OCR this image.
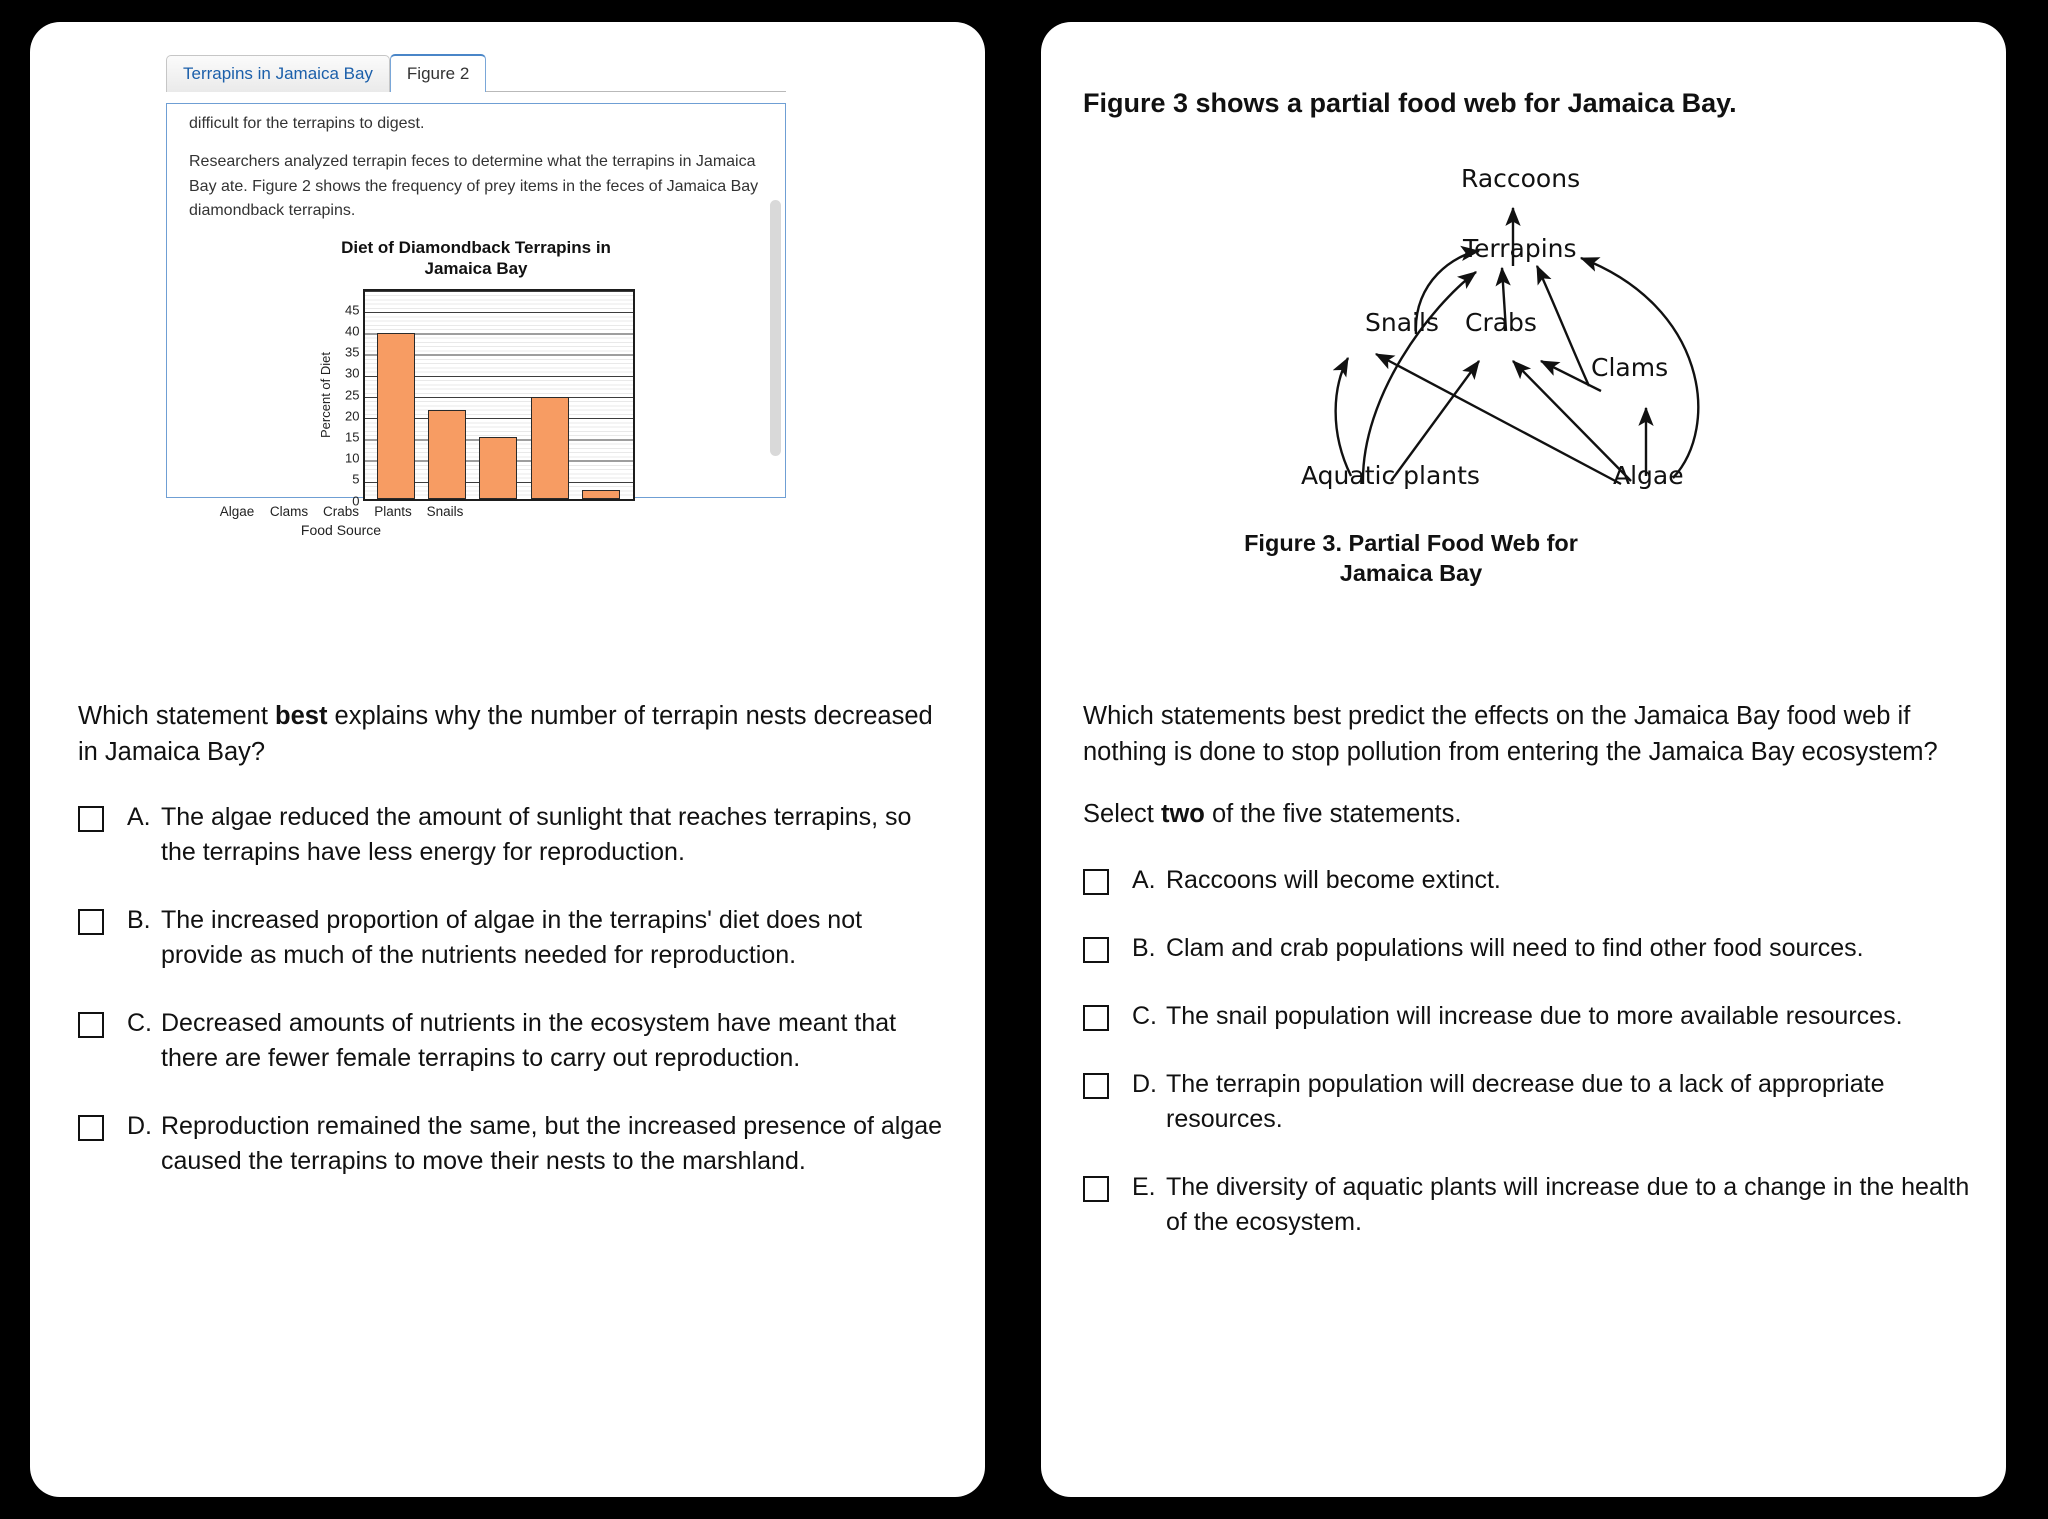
Terrapins in Jamaica Bay	Figure 2

difficult for the terrapins to digest.

Researchers analyzed terrapin feces to determine what the terrapins in Jamaica Bay ate. Figure 2 shows the frequency of prey items in the feces of Jamaica Bay diamondback terrapins.

Diet of Diamondback Terrapins in
Jamaica Bay
Percent of Diet
0
5
10
15
20
25
30
35
40
45
Algae	Clams	Crabs	Plants	Snails
Food Source
Which statement best explains why the number of terrapin nests decreased in Jamaica Bay?
A. The algae reduced the amount of sunlight that reaches terrapins, so the terrapins have less energy for reproduction.
B. The increased proportion of algae in the terrapins' diet does not provide as much of the nutrients needed for reproduction.
C. Decreased amounts of nutrients in the ecosystem have meant that there are fewer female terrapins to carry out reproduction.
D. Reproduction remained the same, but the increased presence of algae caused the terrapins to move their nests to the marshland.
Figure 3 shows a partial food web for Jamaica Bay.
Raccoons
Terrapins
Snails Crabs
Clams
Aquatic plants	Algae
Figure 3. Partial Food Web for
Jamaica Bay
Which statements best predict the effects on the Jamaica Bay food web if nothing is done to stop pollution from entering the Jamaica Bay ecosystem?
Select two of the five statements.
A. Raccoons will become extinct.
B. Clam and crab populations will need to find other food sources.
C. The snail population will increase due to more available resources.
D. The terrapin population will decrease due to a lack of appropriate resources.
E. The diversity of aquatic plants will increase due to a change in the health of the ecosystem.
